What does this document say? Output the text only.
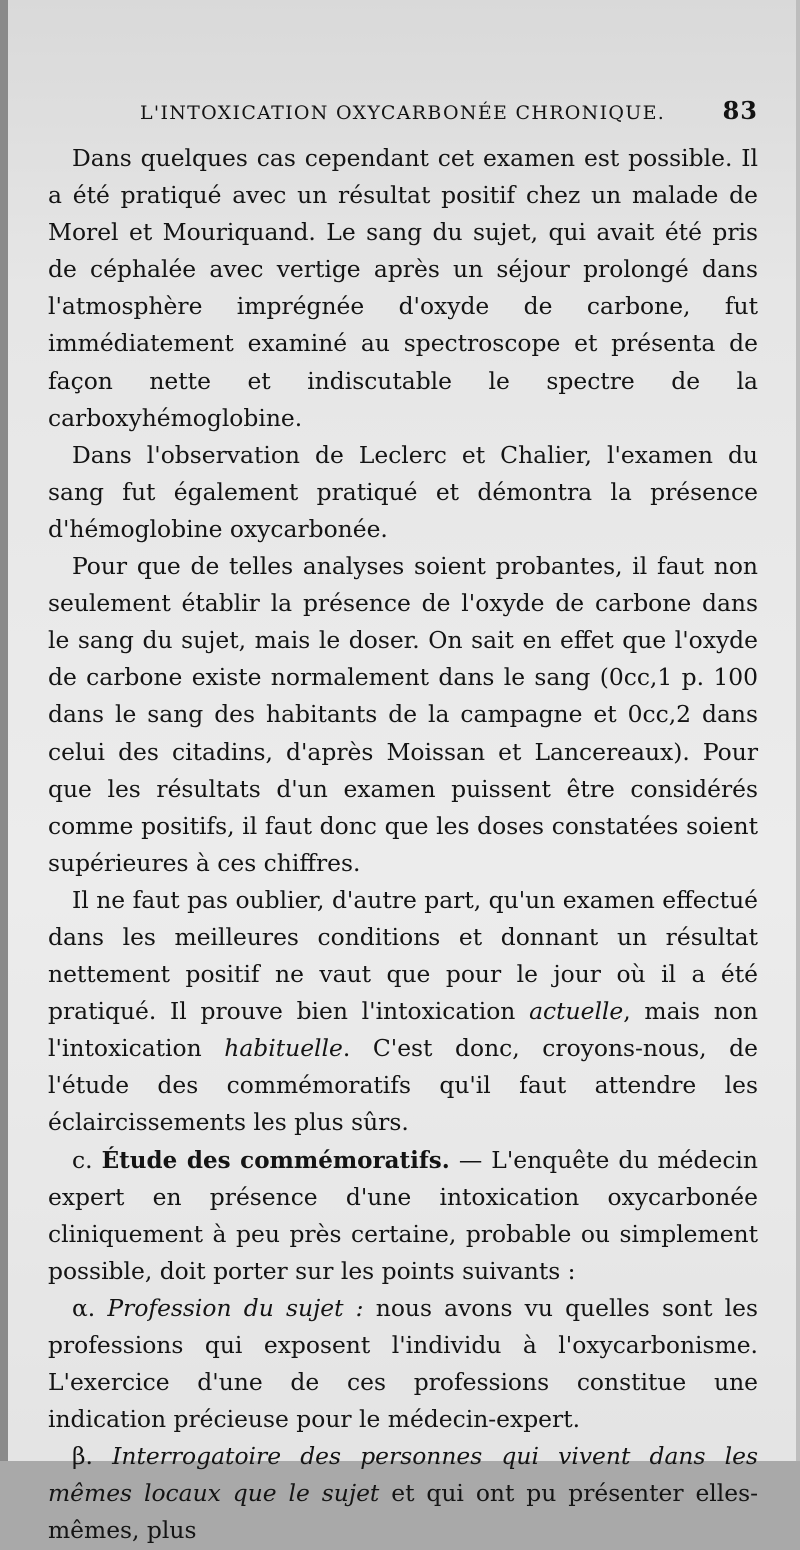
L'INTOXICATION OXYCARBONÉE CHRONIQUE. 83

Dans quelques cas cependant cet examen est possible. Il a été pratiqué avec un résultat positif chez un malade de Morel et Mouriquand. Le sang du sujet, qui avait été pris de céphalée avec vertige après un séjour prolongé dans l'atmosphère imprégnée d'oxyde de carbone, fut immédiatement examiné au spectroscope et présenta de façon nette et indiscutable le spectre de la carboxyhémoglobine.

Dans l'observation de Leclerc et Chalier, l'examen du sang fut également pratiqué et démontra la présence d'hémoglobine oxycarbonée.

Pour que de telles analyses soient probantes, il faut non seulement établir la présence de l'oxyde de carbone dans le sang du sujet, mais le doser. On sait en effet que l'oxyde de carbone existe normalement dans le sang (0cc,1 p. 100 dans le sang des habitants de la campagne et 0cc,2 dans celui des citadins, d'après Moissan et Lancereaux). Pour que les résultats d'un examen puissent être considérés comme positifs, il faut donc que les doses constatées soient supérieures à ces chiffres.

Il ne faut pas oublier, d'autre part, qu'un examen effectué dans les meilleures conditions et donnant un résultat nettement positif ne vaut que pour le jour où il a été pratiqué. Il prouve bien l'intoxication actuelle, mais non l'intoxication habituelle. C'est donc, croyons-nous, de l'étude des commémoratifs qu'il faut attendre les éclaircissements les plus sûrs.

c. Étude des commémoratifs. — L'enquête du médecin expert en présence d'une intoxication oxycarbonée cliniquement à peu près certaine, probable ou simplement possible, doit porter sur les points suivants :

α. Profession du sujet : nous avons vu quelles sont les professions qui exposent l'individu à l'oxycarbonisme. L'exercice d'une de ces professions constitue une indication précieuse pour le médecin-expert.

β. Interrogatoire des personnes qui vivent dans les mêmes locaux que le sujet et qui ont pu présenter elles-mêmes, plus
